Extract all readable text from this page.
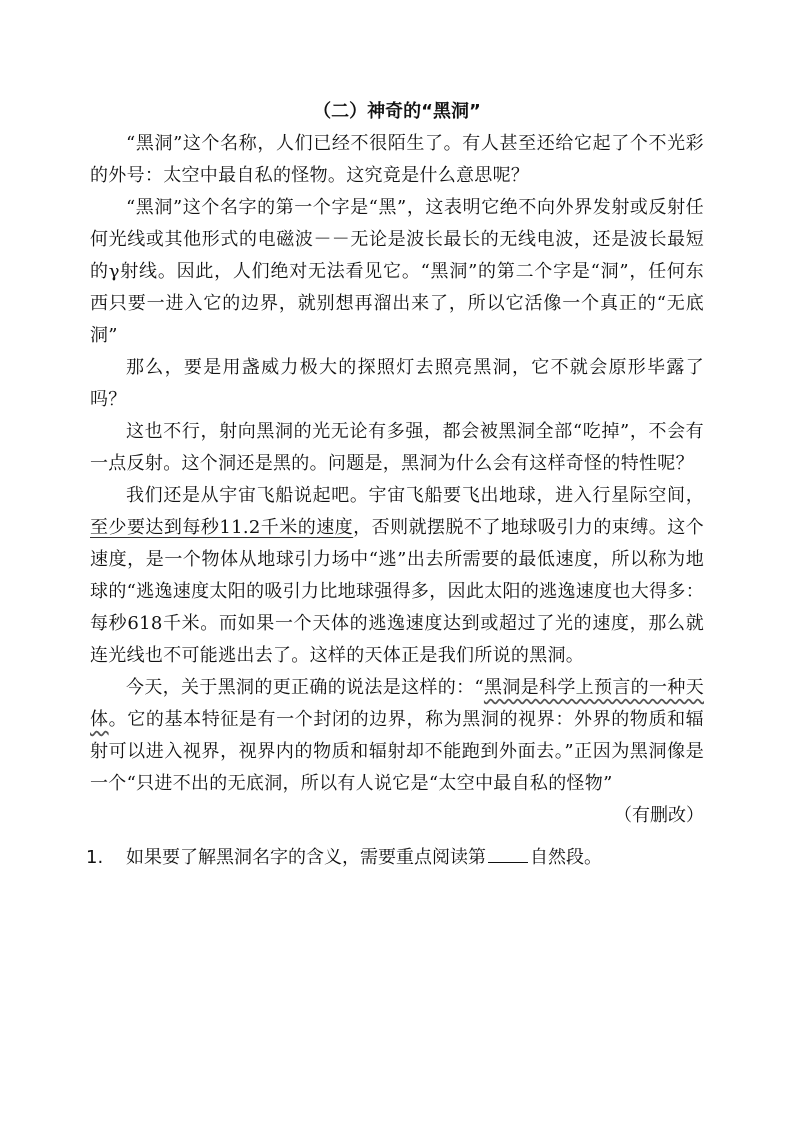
（二）神奇的“黑洞”

“黑洞”这个名称，人们已经不很陌生了。有人甚至还给它起了个不光彩的外号：太空中最自私的怪物。这究竟是什么意思呢？

“黑洞”这个名字的第一个字是“黑”，这表明它绝不向外界发射或反射任何光线或其他形式的电磁波－－无论是波长最长的无线电波，还是波长最短的γ射线。因此，人们绝对无法看见它。“黑洞”的第二个字是“洞”，任何东西只要一进入它的边界，就别想再溜出来了，所以它活像一个真正的“无底洞”

那么，要是用盏威力极大的探照灯去照亮黑洞，它不就会原形毕露了吗？

这也不行，射向黑洞的光无论有多强，都会被黑洞全部“吃掉”，不会有一点反射。这个洞还是黑的。问题是，黑洞为什么会有这样奇怪的特性呢？

我们还是从宇宙飞船说起吧。宇宙飞船要飞出地球，进入行星际空间，至少要达到每秒11.2千米的速度，否则就摆脱不了地球吸引力的束缚。这个速度，是一个物体从地球引力场中“逃”出去所需要的最低速度，所以称为地球的“逃逸速度太阳的吸引力比地球强得多，因此太阳的逃逸速度也大得多：每秒618千米。而如果一个天体的逃逸速度达到或超过了光的速度，那么就连光线也不可能逃出去了。这样的天体正是我们所说的黑洞。

今天，关于黑洞的更正确的说法是这样的：“黑洞是科学上预言的一种天体。它的基本特征是有一个封闭的边界，称为黑洞的视界：外界的物质和辐射可以进入视界，视界内的物质和辐射却不能跑到外面去。”正因为黑洞像是一个“只进不出的无底洞，所以有人说它是“太空中最自私的怪物”

（有删改）
1.	如果要了解黑洞名字的含义，需要重点阅读第 自然段。
